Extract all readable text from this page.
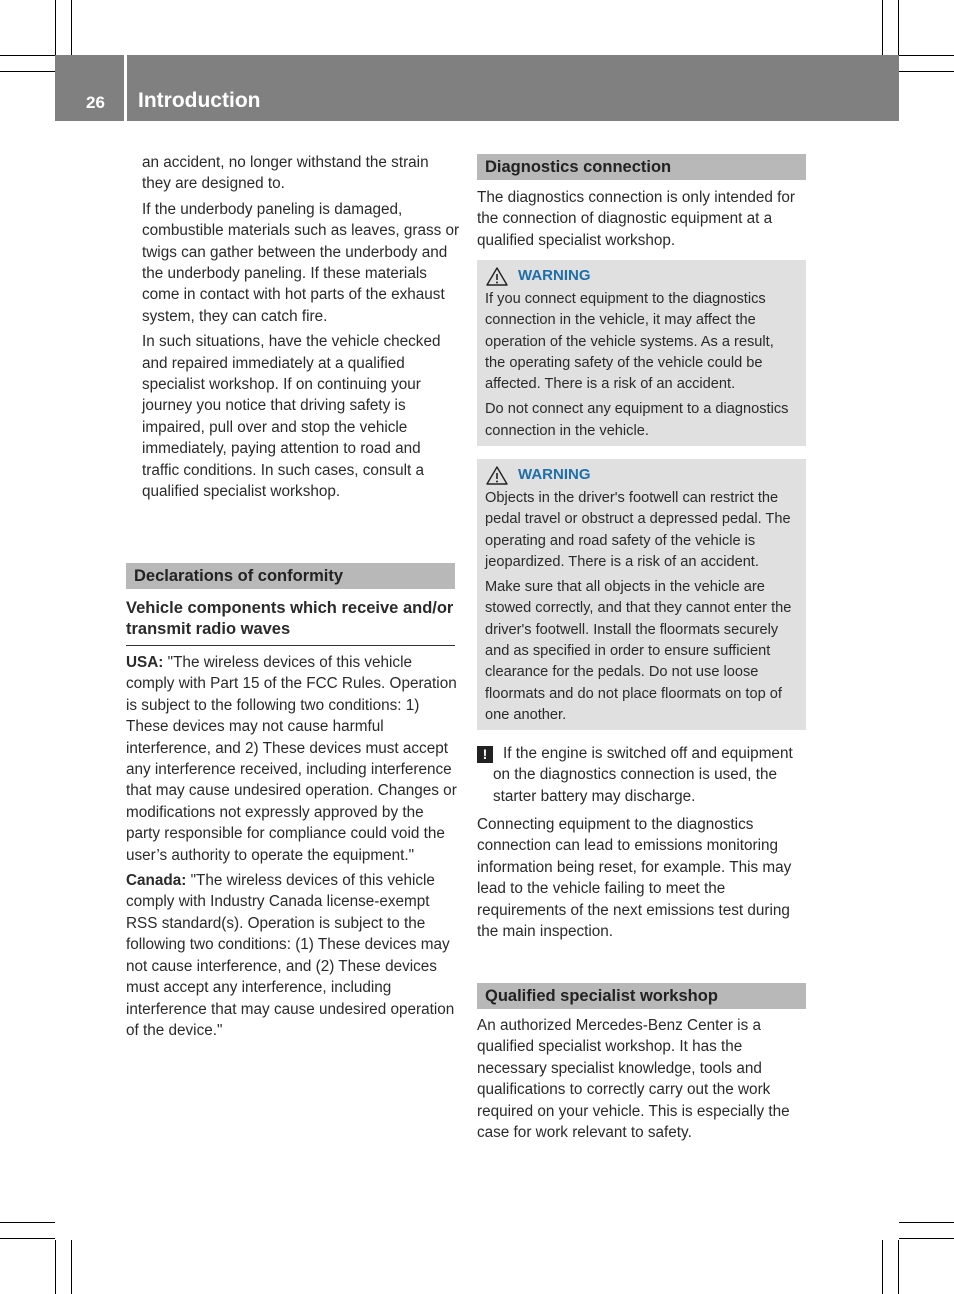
26 Introduction

an accident, no longer withstand the strain they are designed to.

If the underbody paneling is damaged, combustible materials such as leaves, grass or twigs can gather between the underbody and the underbody paneling. If these materials come in contact with hot parts of the exhaust system, they can catch fire.

In such situations, have the vehicle checked and repaired immediately at a qualified specialist workshop. If on continuing your journey you notice that driving safety is impaired, pull over and stop the vehicle immediately, paying attention to road and traffic conditions. In such cases, consult a qualified specialist workshop.

Declarations of conformity
Vehicle components which receive and/or transmit radio waves

USA: "The wireless devices of this vehicle comply with Part 15 of the FCC Rules. Operation is subject to the following two conditions: 1) These devices may not cause harmful interference, and 2) These devices must accept any interference received, including interference that may cause undesired operation. Changes or modifications not expressly approved by the party responsible for compliance could void the user’s authority to operate the equipment."

Canada: "The wireless devices of this vehicle comply with Industry Canada license-exempt RSS standard(s). Operation is subject to the following two conditions: (1) These devices may not cause interference, and (2) These devices must accept any interference, including interference that may cause undesired operation of the device."

Diagnostics connection

The diagnostics connection is only intended for the connection of diagnostic equipment at a qualified specialist workshop.

WARNING

If you connect equipment to the diagnostics connection in the vehicle, it may affect the operation of the vehicle systems. As a result, the operating safety of the vehicle could be affected. There is a risk of an accident.

Do not connect any equipment to a diagnostics connection in the vehicle.

WARNING

Objects in the driver's footwell can restrict the pedal travel or obstruct a depressed pedal. The operating and road safety of the vehicle is jeopardized. There is a risk of an accident.

Make sure that all objects in the vehicle are stowed correctly, and that they cannot enter the driver's footwell. Install the floormats securely and as specified in order to ensure sufficient clearance for the pedals. Do not use loose floormats and do not place floormats on top of one another.

!	If the engine is switched off and equipment on the diagnostics connection is used, the starter battery may discharge.

Connecting equipment to the diagnostics connection can lead to emissions monitoring information being reset, for example. This may lead to the vehicle failing to meet the requirements of the next emissions test during the main inspection.

Qualified specialist workshop

An authorized Mercedes-Benz Center is a qualified specialist workshop. It has the necessary specialist knowledge, tools and qualifications to correctly carry out the work required on your vehicle. This is especially the case for work relevant to safety.
